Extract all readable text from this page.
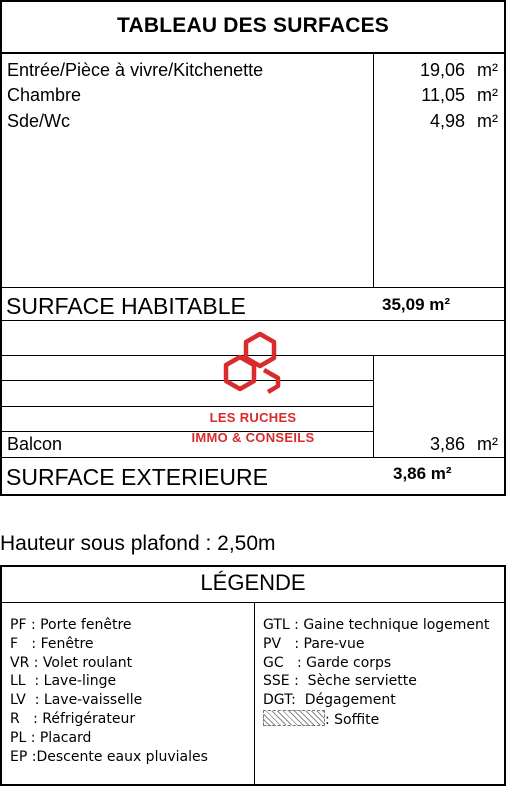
TABLEAU DES SURFACES
Entrée/Pièce à vivre/Kitchenette	19,06 m²
Chambre	11,05 m²
Sde/Wc	4,98 m²
SURFACE HABITABLE	35,09 m²
LES RUCHES
IMMO & CONSEILS
Balcon	3,86 m²
SURFACE EXTERIEURE	3,86 m²
Hauteur sous plafond : 2,50m
LÉGENDE
PF : Porte fenêtre
F   : Fenêtre
VR : Volet roulant
LL  : Lave-linge
LV  : Lave-vaisselle
R   : Réfrigérateur
PL : Placard
EP :Descente eaux pluviales
GTL : Gaine technique logement
PV   : Pare-vue
GC   : Garde corps
SSE :  Sèche serviette
DGT:  Dégagement
: Soffite
